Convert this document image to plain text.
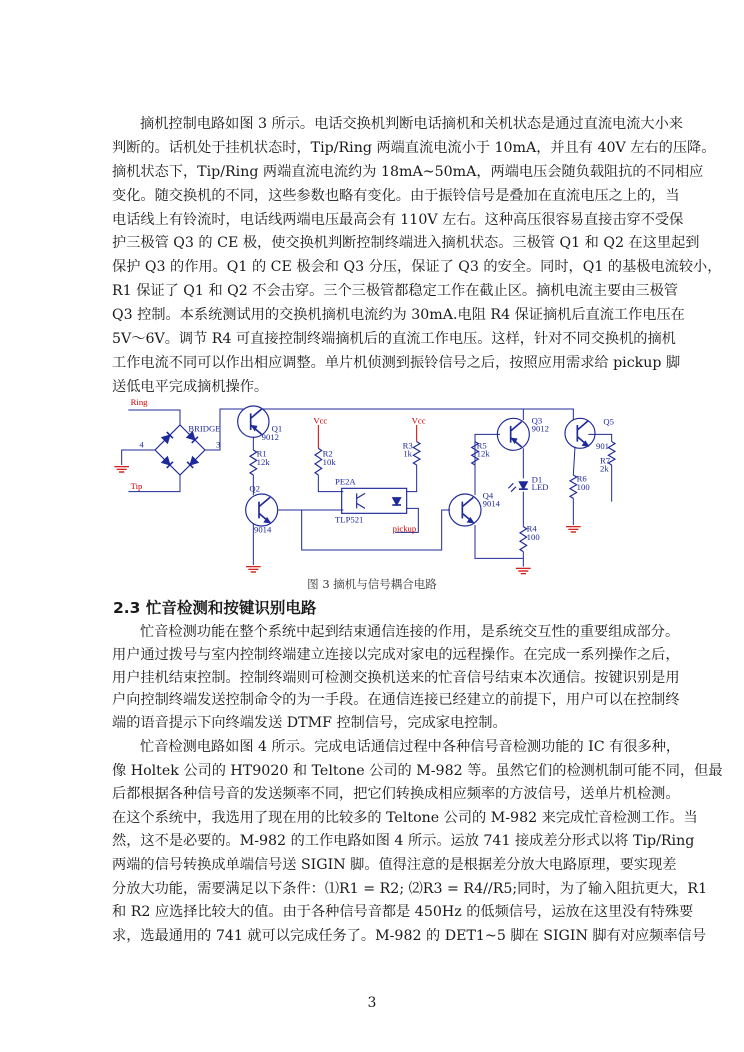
摘机控制电路如图 3 所示。电话交换机判断电话摘机和关机状态是通过直流电流大小来
判断的。话机处于挂机状态时，Tip/Ring 两端直流电流小于 10mA，并且有 40V 左右的压降。
摘机状态下，Tip/Ring 两端直流电流约为 18mA~50mA，两端电压会随负载阻抗的不同相应
变化。随交换机的不同，这些参数也略有变化。由于振铃信号是叠加在直流电压之上的，当
电话线上有铃流时，电话线两端电压最高会有 110V 左右。这种高压很容易直接击穿不受保
护三极管 Q3 的 CE 极，使交换机判断控制终端进入摘机状态。三极管 Q1 和 Q2 在这里起到
保护 Q3 的作用。Q1 的 CE 极会和 Q3 分压，保证了 Q3 的安全。同时，Q1 的基极电流较小，
R1 保证了 Q1 和 Q2 不会击穿。三个三极管都稳定工作在截止区。摘机电流主要由三极管
Q3 控制。本系统测试用的交换机摘机电流约为 30mA.电阻 R4 保证摘机后直流工作电压在
5V～6V。调节 R4 可直接控制终端摘机后的直流工作电压。这样，针对不同交换机的摘机
工作电流不同可以作出相应调整。单片机侦测到振铃信号之后，按照应用需求给 pickup 脚
送低电平完成摘机操作。
Ring
Tip
BRIDGE
4	3
Q1
9012
R1
12k
Q2
9014
Vcc
R2
10k
Vcc
R3
1k
PE2A
TLP521
pickup
R5
12k
Q4
9014
Q3
9012
D1
LED
R4
100
Q5
901
R6
100
R7
2k
图 3 摘机与信号耦合电路
2.3 忙音检测和按键识别电路
忙音检测功能在整个系统中起到结束通信连接的作用，是系统交互性的重要组成部分。
用户通过拨号与室内控制终端建立连接以完成对家电的远程操作。在完成一系列操作之后，
用户挂机结束控制。控制终端则可检测交换机送来的忙音信号结束本次通信。按键识别是用
户向控制终端发送控制命令的为一手段。在通信连接已经建立的前提下，用户可以在控制终
端的语音提示下向终端发送 DTMF 控制信号，完成家电控制。
忙音检测电路如图 4 所示。完成电话通信过程中各种信号音检测功能的 IC 有很多种，
像 Holtek 公司的 HT9020 和 Teltone 公司的 M-982 等。虽然它们的检测机制可能不同，但最
后都根据各种信号音的发送频率不同，把它们转换成相应频率的方波信号，送单片机检测。
在这个系统中，我选用了现在用的比较多的 Teltone 公司的 M-982 来完成忙音检测工作。当
然，这不是必要的。M-982 的工作电路如图 4 所示。运放 741 接成差分形式以将 Tip/Ring
两端的信号转换成单端信号送 SIGIN 脚。值得注意的是根据差分放大电路原理，要实现差
分放大功能，需要满足以下条件：⑴R1 = R2; ⑵R3 = R4//R5;同时，为了输入阻抗更大，R1
和 R2 应选择比较大的值。由于各种信号音都是 450Hz 的低频信号，运放在这里没有特殊要
求，选最通用的 741 就可以完成任务了。M-982 的 DET1~5 脚在 SIGIN 脚有对应频率信号
3
